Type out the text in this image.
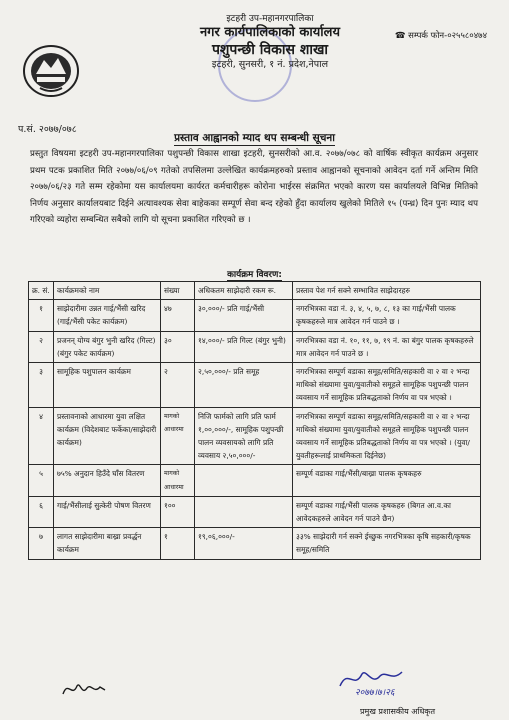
इटहरी उप-महानगरपालिका
नगर कार्यपालिकाको कार्यालय
पशुपन्छी विकास शाखा
इटहरी, सुनसरी, १ नं. प्रदेश,नेपाल
☎ सम्पर्क फोन-०२५५८०४७४
प.सं. २०७७/०७८
प्रस्ताव आह्वानको म्याद थप सम्बन्धी सूचना
प्रस्तुत विषयमा इटहरी उप-महानगरपालिका पशुपन्छी विकास शाखा इटहरी, सुनसरीको आ.व. २०७७/०७८ को वार्षिक स्वीकृत कार्यक्रम अनुसार प्रथम पटक प्रकाशित मिति २०७७/०६/०९ गतेको तपसिलमा उल्लेखित कार्यक्रमहरुको प्रस्ताव आह्वानको सूचनाको आवेदन दर्ता गर्ने अन्तिम मिति २०७७/०६/२३ गते सम्म रहेकोमा यस कार्यालयमा कार्यरत कर्मचारीहरू कोरोना भाईरस संक्रमित भएको कारण यस कार्यालयले विभिन्न मितिको निर्णय अनुसार कार्यालयबाट दिईने अत्यावश्यक सेवा बाहेकका सम्पूर्ण सेवा बन्द रहेको हुँदा कार्यालय खुलेको मितिले १५ (पन्ध्र) दिन पुनः म्याद थप गरिएको व्यहोरा सम्बन्धित सबैको लागि यो सूचना प्रकाशित गरिएको छ ।
कार्यक्रम विवरण:
क्र. सं.	कार्यक्रमको नाम	संख्या	अधिकतम साझेदारी रकम रू.	प्रस्ताव पेश गर्न सक्ने सम्भावित साझेदारहरु
१	साझेदारीमा उन्नत गाई/भैंसी खरिद (गाई/भैंसी पकेट कार्यक्रम)	४७	३०,०००/- प्रति गाई/भैंसी	नगरभित्रका वडा नं. ३, ४, ५, ७, ८, १३ का गाई/भैंसी पालक कृषकहरुले मात्र आवेदन गर्न पाउने छ ।
२	प्रजनन् योग्य बंगुर भुनी खरिद (गिल्ट) (बंगुर पकेट कार्यक्रम)	३०	१४,०००/- प्रति गिल्ट (बंगुर भुनी)	नगरभित्रका वडा नं. १०, ११, ७, १९ नं. का बंगुर पालक कृषकहरुले मात्र आवेदन गर्न पाउने छ ।
३	सामूहिक पशुपालन कार्यक्रम	२	२,५०,०००/- प्रति समूह	नगरभित्रका सम्पूर्ण वडाका समूह/समिति/सहकारी वा २ वा २ भन्दा माथिको संख्यामा युवा/युवातीको समूहले सामूहिक पशुपन्छी पालन व्यवसाय गर्ने सामूहिक प्रतिबद्धताको निर्णय वा पत्र भएको ।
४	प्रस्तावनाको आधारमा युवा लक्षित कार्यक्रम (विदेशबाट फर्केका/साझेदारी कार्यक्रम)	मागको आधारमा	निजि फार्मको लागि प्रति फार्म १,००,०००/-, सामूहिक पशुपन्छी पालन व्यवसायको लागि प्रति व्यवसाय २,५०,०००/-	नगरभित्रका सम्पूर्ण वडाका समूह/समिति/सहकारी वा २ वा २ भन्दा माथिको संख्यामा युवा/युवातीको समूहले सामूहिक पशुपन्छी पालन व्यवसाय गर्ने सामूहिक प्रतिबद्धताको निर्णय वा पत्र भएको । (युवा/युवतीहरूलाई प्राथमिकता दिईनेछ)
५	७५% अनुदान हिउँदे घाँस वितरण	मागको आधारमा		सम्पूर्ण वडाका गाई/भैंसी/बाख्रा पालक कृषकहरु
६	गाई/भैंसीलाई सुत्केरी पोषण वितरण	१००		सम्पूर्ण वडाका गाई/भैंसी पालक कृषकहरु (बिगत आ.व.का आवेदकहरुले आवेदन गर्न पाउने छैन)
७	लागत साझेदारीमा बाख्रा प्रवर्द्धन कार्यक्रम	१	१९,०६,०००/-	३३% साझेदारी गर्न सक्ने ईच्छुक नगरभित्रका कृषि सहकारी/कृषक समूह/समिति
२०७७।७।२६
प्रमुख प्रशासकीय अधिकृत
